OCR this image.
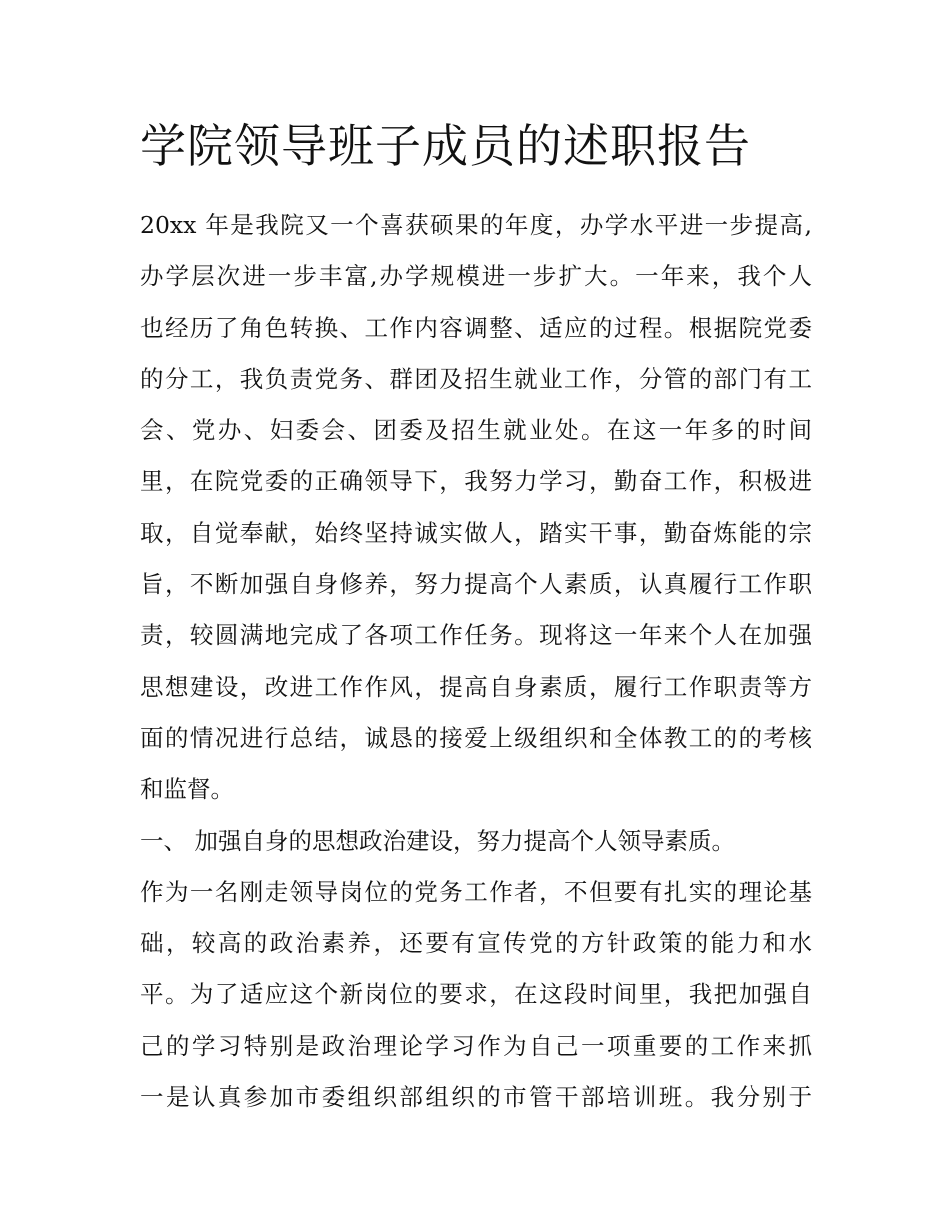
学院领导班子成员的述职报告
20xx 年是我院又一个喜获硕果的年度，办学水平进一步提高,
办学层次进一步丰富,办学规模进一步扩大。一年来，我个人
也经历了角色转换、工作内容调整、适应的过程。根据院党委
的分工，我负责党务、群团及招生就业工作，分管的部门有工
会、党办、妇委会、团委及招生就业处。在这一年多的时间
里，在院党委的正确领导下，我努力学习，勤奋工作，积极进
取，自觉奉献，始终坚持诚实做人，踏实干事，勤奋炼能的宗
旨，不断加强自身修养，努力提高个人素质，认真履行工作职
责，较圆满地完成了各项工作任务。现将这一年来个人在加强
思想建设，改进工作作风，提高自身素质，履行工作职责等方
面的情况进行总结，诚恳的接爱上级组织和全体教工的的考核
和监督。
一、 加强自身的思想政治建设，努力提高个人领导素质。
作为一名刚走领导岗位的党务工作者，不但要有扎实的理论基
础，较高的政治素养，还要有宣传党的方针政策的能力和水
平。为了适应这个新岗位的要求，在这段时间里，我把加强自
己的学习特别是政治理论学习作为自己一项重要的工作来抓
一是认真参加市委组织部组织的市管干部培训班。我分别于
